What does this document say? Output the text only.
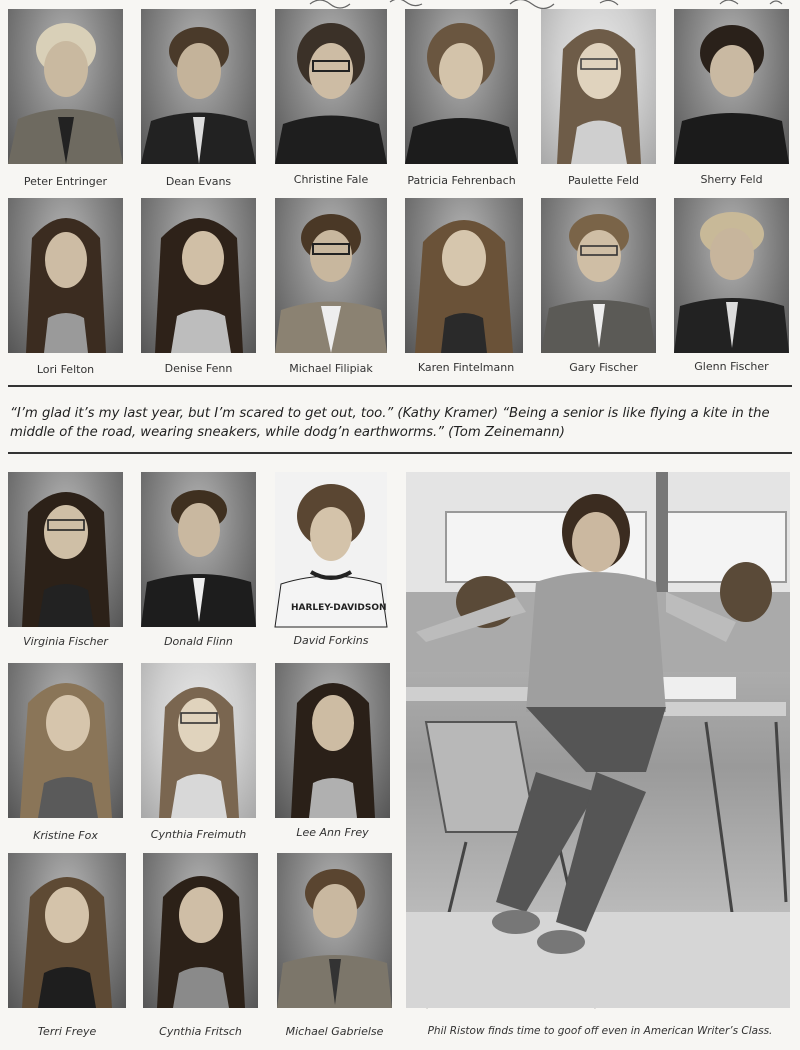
Peter Entringer	Dean Evans	Christine Fale	Patricia Fehrenbach	Paulette Feld	Sherry Feld
Lori Felton	Denise Fenn	Michael Filipiak	Karen Fintelmann	Gary Fischer	Glenn Fischer
“I’m glad it’s my last year, but I’m scared to get out, too.” (Kathy Kramer) “Being a senior is like flying a kite in the middle of the road, wearing sneakers, while dodg’n earthworms.” (Tom Zeinemann)
HARLEY-DAVIDSON
Virginia Fischer	Donald Flinn	David Forkins
Kristine Fox	Cynthia Freimuth	Lee Ann Frey
Terri Freye	Cynthia Fritsch	Michael Gabrielse	Phil Ristow finds time to goof off even in American Writer’s Class.
